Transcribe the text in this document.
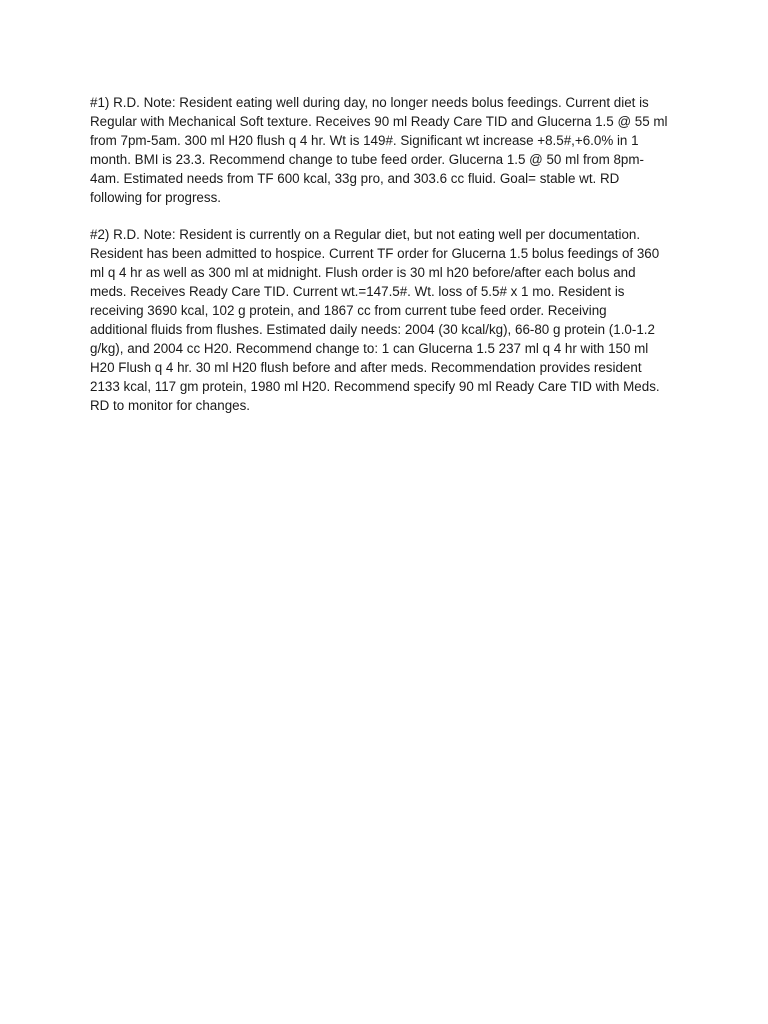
#1) R.D. Note: Resident eating well during day, no longer needs bolus feedings. Current diet is
Regular with Mechanical Soft texture. Receives 90 ml Ready Care TID and Glucerna 1.5 @ 55 ml
from 7pm-5am. 300 ml H20 flush q 4 hr. Wt is 149#. Significant wt increase +8.5#,+6.0% in 1
month. BMI is 23.3. Recommend change to tube feed order. Glucerna 1.5 @ 50 ml from 8pm-
4am. Estimated needs from TF 600 kcal, 33g pro, and 303.6 cc fluid. Goal= stable wt. RD
following for progress.

#2) R.D. Note: Resident is currently on a Regular diet, but not eating well per documentation.
Resident has been admitted to hospice. Current TF order for Glucerna 1.5 bolus feedings of 360
ml q 4 hr as well as 300 ml at midnight. Flush order is 30 ml h20 before/after each bolus and
meds. Receives Ready Care TID. Current wt.=147.5#. Wt. loss of 5.5# x 1 mo. Resident is
receiving 3690 kcal, 102 g protein, and 1867 cc from current tube feed order. Receiving
additional fluids from flushes. Estimated daily needs: 2004 (30 kcal/kg), 66-80 g protein (1.0-1.2
g/kg), and 2004 cc H20. Recommend change to: 1 can Glucerna 1.5 237 ml q 4 hr with 150 ml
H20 Flush q 4 hr. 30 ml H20 flush before and after meds. Recommendation provides resident
2133 kcal, 117 gm protein, 1980 ml H20. Recommend specify 90 ml Ready Care TID with Meds.
RD to monitor for changes.
